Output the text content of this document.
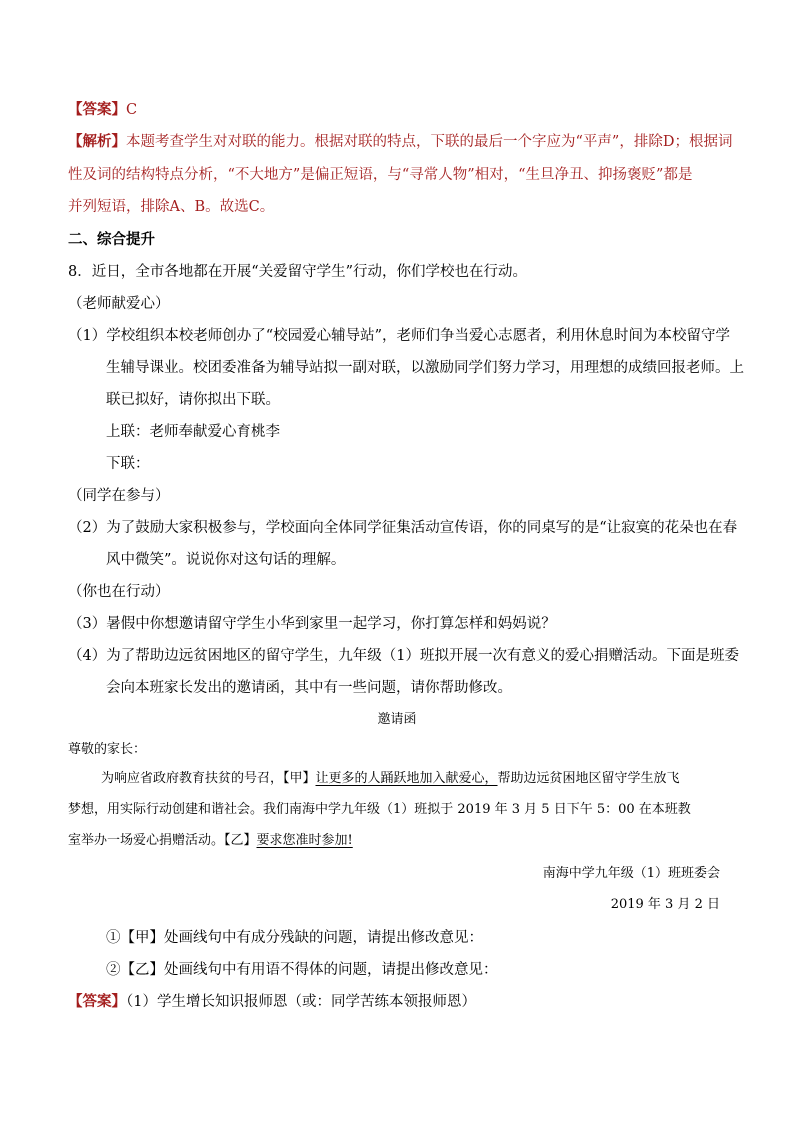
【答案】C
【解析】本题考查学生对对联的能力。根据对联的特点，下联的最后一个字应为“平声”，排除D；根据词
性及词的结构特点分析，“不大地方”是偏正短语，与“寻常人物”相对，“生旦净丑、抑扬褒贬”都是
并列短语，排除A、B。故选C。
二、综合提升
8．近日，全市各地都在开展“关爱留守学生”行动，你们学校也在行动。
（老师献爱心）
（1）学校组织本校老师创办了“校园爱心辅导站”，老师们争当爱心志愿者，利用休息时间为本校留守学
生辅导课业。校团委准备为辅导站拟一副对联，以激励同学们努力学习，用理想的成绩回报老师。上
联已拟好，请你拟出下联。
上联：老师奉献爱心育桃李
下联：
（同学在参与）
（2）为了鼓励大家积极参与，学校面向全体同学征集活动宣传语，你的同桌写的是“让寂寞的花朵也在春
风中微笑”。说说你对这句话的理解。
（你也在行动）
（3）暑假中你想邀请留守学生小华到家里一起学习，你打算怎样和妈妈说？
（4）为了帮助边远贫困地区的留守学生，九年级（1）班拟开展一次有意义的爱心捐赠活动。下面是班委
会向本班家长发出的邀请函，其中有一些问题，请你帮助修改。
邀请函
尊敬的家长：
为响应省政府教育扶贫的号召，【甲】让更多的人踊跃地加入献爱心，帮助边远贫困地区留守学生放飞
梦想，用实际行动创建和谐社会。我们南海中学九年级（1）班拟于 2019 年 3 月 5 日下午 5：00 在本班教
室举办一场爱心捐赠活动。【乙】要求您准时参加!
南海中学九年级（1）班班委会
2019 年 3 月 2 日
①【甲】处画线句中有成分残缺的问题，请提出修改意见：
②【乙】处画线句中有用语不得体的问题，请提出修改意见：
【答案】（1）学生增长知识报师恩（或：同学苦练本领报师恩）
